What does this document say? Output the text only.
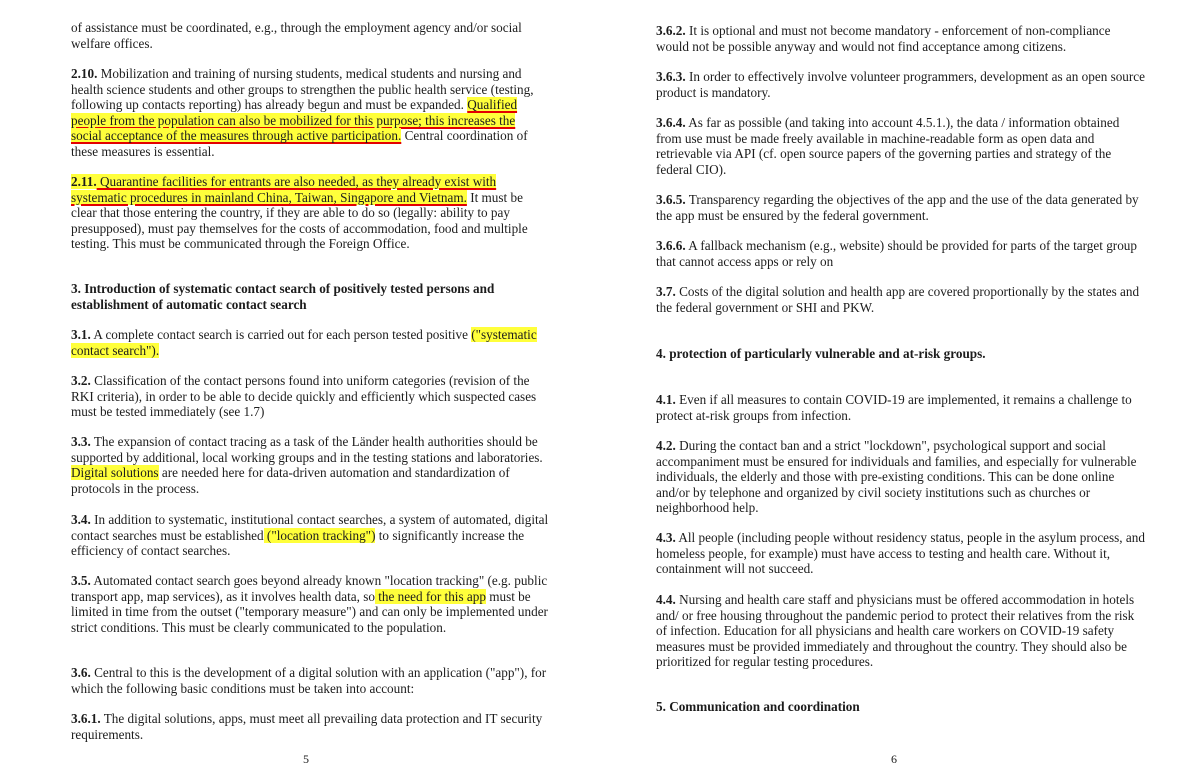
of assistance must be coordinated, e.g., through the employment agency and/or social welfare offices.

2.10. Mobilization and training of nursing students, medical students and nursing and health science students and other groups to strengthen the public health service (testing, following up contacts reporting) has already begun and must be expanded. Qualified people from the population can also be mobilized for this purpose; this increases the social acceptance of the measures through active participation. Central coordination of these measures is essential.

2.11. Quarantine facilities for entrants are also needed, as they already exist with systematic procedures in mainland China, Taiwan, Singapore and Vietnam. It must be clear that those entering the country, if they are able to do so (legally: ability to pay presupposed), must pay themselves for the costs of accommodation, food and multiple testing. This must be communicated through the Foreign Office.

3. Introduction of systematic contact search of positively tested persons and establishment of automatic contact search

3.1. A complete contact search is carried out for each person tested positive ("systematic contact search").

3.2. Classification of the contact persons found into uniform categories (revision of the RKI criteria), in order to be able to decide quickly and efficiently which suspected cases must be tested immediately (see 1.7)

3.3. The expansion of contact tracing as a task of the Länder health authorities should be supported by additional, local working groups and in the testing stations and laboratories. Digital solutions are needed here for data-driven automation and standardization of protocols in the process.

3.4. In addition to systematic, institutional contact searches, a system of automated, digital contact searches must be established ("location tracking") to significantly increase the efficiency of contact searches.

3.5. Automated contact search goes beyond already known "location tracking" (e.g. public transport app, map services), as it involves health data, so the need for this app must be limited in time from the outset ("temporary measure") and can only be implemented under strict conditions. This must be clearly communicated to the population.

3.6. Central to this is the development of a digital solution with an application ("app"), for which the following basic conditions must be taken into account:

3.6.1. The digital solutions, apps, must meet all prevailing data protection and IT security requirements.

5

3.6.2. It is optional and must not become mandatory - enforcement of non-compliance would not be possible anyway and would not find acceptance among citizens.

3.6.3. In order to effectively involve volunteer programmers, development as an open source product is mandatory.

3.6.4. As far as possible (and taking into account 4.5.1.), the data / information obtained from use must be made freely available in machine-readable form as open data and retrievable via API (cf. open source papers of the governing parties and strategy of the federal CIO).

3.6.5. Transparency regarding the objectives of the app and the use of the data generated by the app must be ensured by the federal government.

3.6.6. A fallback mechanism (e.g., website) should be provided for parts of the target group that cannot access apps or rely on

3.7. Costs of the digital solution and health app are covered proportionally by the states and the federal government or SHI and PKW.

4. protection of particularly vulnerable and at-risk groups.

4.1. Even if all measures to contain COVID-19 are implemented, it remains a challenge to protect at-risk groups from infection.

4.2. During the contact ban and a strict "lockdown", psychological support and social accompaniment must be ensured for individuals and families, and especially for vulnerable individuals, the elderly and those with pre-existing conditions. This can be done online and/or by telephone and organized by civil society institutions such as churches or neighborhood help.

4.3. All people (including people without residency status, people in the asylum process, and homeless people, for example) must have access to testing and health care. Without it, containment will not succeed.

4.4. Nursing and health care staff and physicians must be offered accommodation in hotels and/ or free housing throughout the pandemic period to protect their relatives from the risk of infection. Education for all physicians and health care workers on COVID-19 safety measures must be provided immediately and throughout the country. They should also be prioritized for regular testing procedures.

5. Communication and coordination

6
